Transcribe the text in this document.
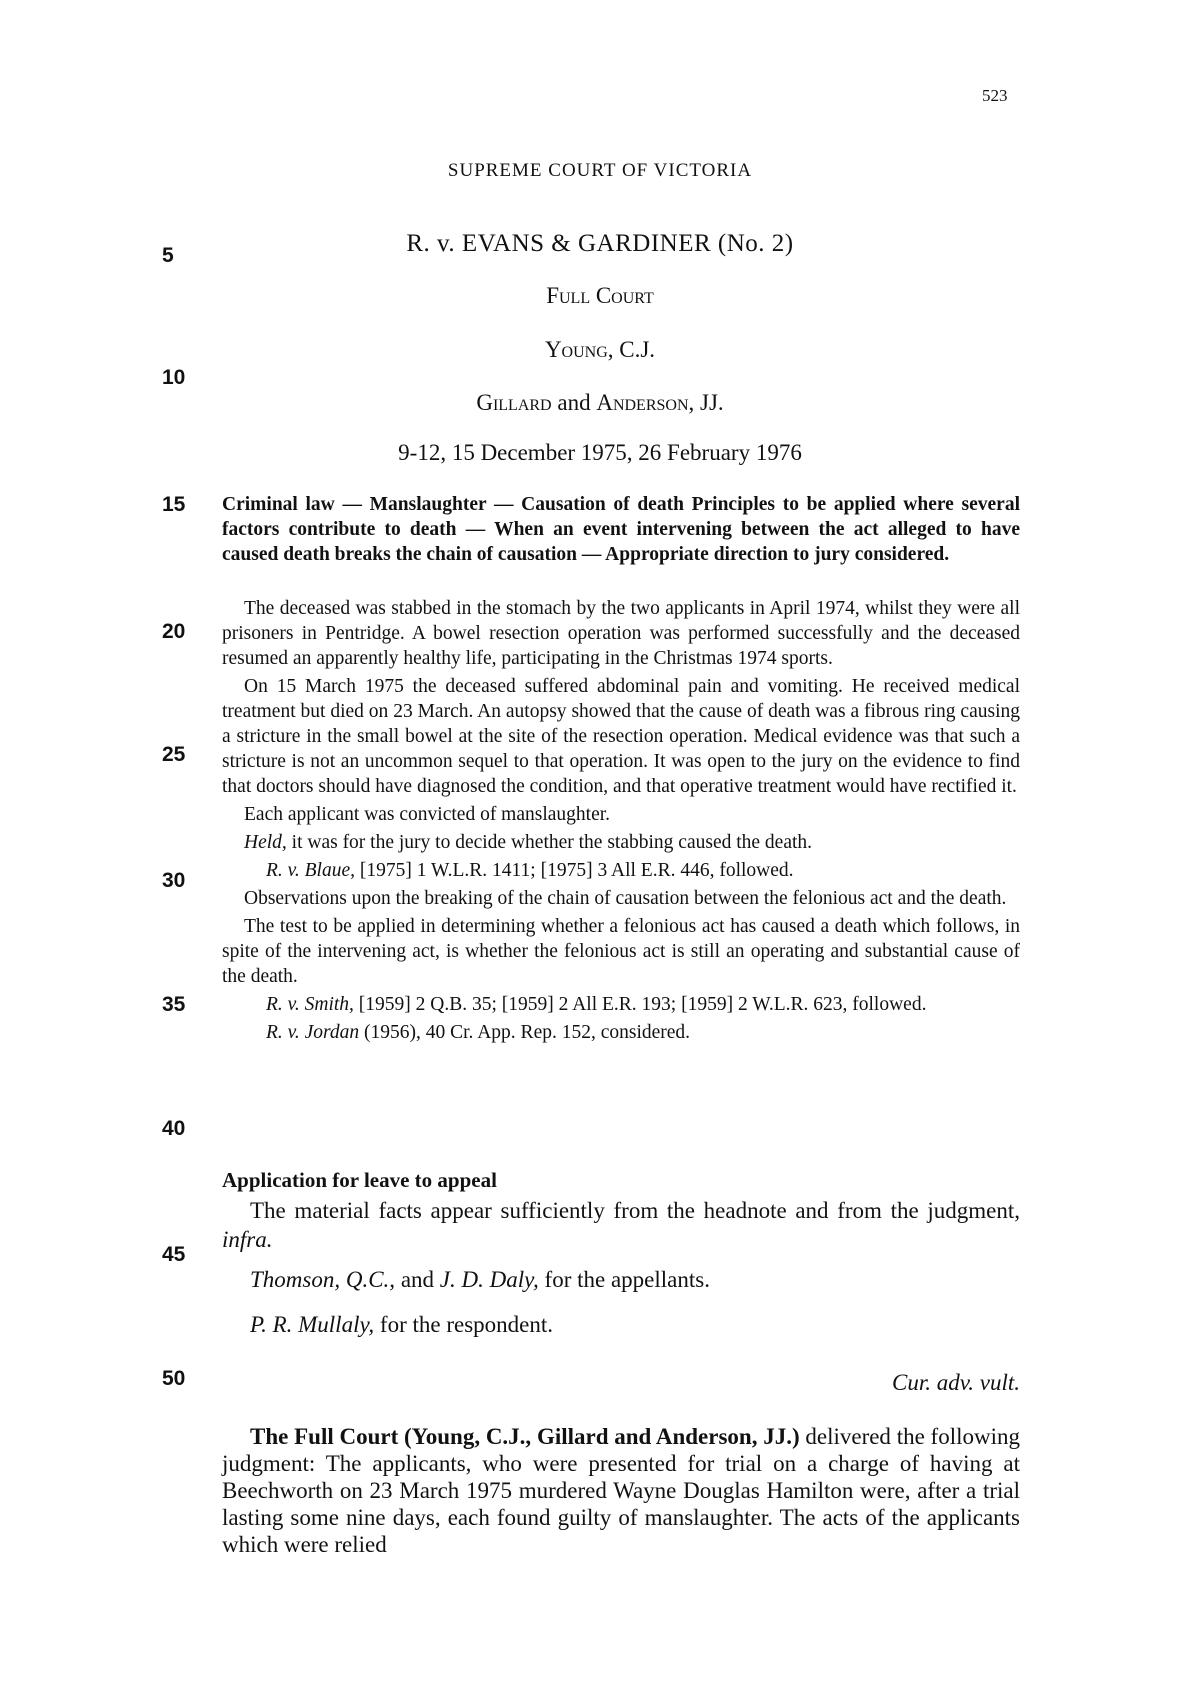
523
5
10
15
20
25
30
35
40
45
50
SUPREME COURT OF VICTORIA
R. v. EVANS & GARDINER (No. 2)
Full Court
Young, C.J.
Gillard and Anderson, JJ.
9-12, 15 December 1975, 26 February 1976
Criminal law — Manslaughter — Causation of death Principles to be applied where several factors contribute to death — When an event intervening between the act alleged to have caused death breaks the chain of causation — Appropriate direction to jury considered.

The deceased was stabbed in the stomach by the two applicants in April 1974, whilst they were all prisoners in Pentridge. A bowel resection operation was performed successfully and the deceased resumed an apparently healthy life, participating in the Christmas 1974 sports.

On 15 March 1975 the deceased suffered abdominal pain and vomiting. He received medical treatment but died on 23 March. An autopsy showed that the cause of death was a fibrous ring causing a stricture in the small bowel at the site of the resection operation. Medical evidence was that such a stricture is not an uncommon sequel to that operation. It was open to the jury on the evidence to find that doctors should have diagnosed the condition, and that operative treatment would have rectified it.

Each applicant was convicted of manslaughter.

Held, it was for the jury to decide whether the stabbing caused the death.

R. v. Blaue, [1975] 1 W.L.R. 1411; [1975] 3 All E.R. 446, followed.

Observations upon the breaking of the chain of causation between the felonious act and the death.

The test to be applied in determining whether a felonious act has caused a death which follows, in spite of the intervening act, is whether the felonious act is still an operating and substantial cause of the death.

R. v. Smith, [1959] 2 Q.B. 35; [1959] 2 All E.R. 193; [1959] 2 W.L.R. 623, followed.

R. v. Jordan (1956), 40 Cr. App. Rep. 152, considered.

Application for leave to appeal
The material facts appear sufficiently from the headnote and from the judgment, infra.
Thomson, Q.C., and J. D. Daly, for the appellants.
P. R. Mullaly, for the respondent.
Cur. adv. vult.
The Full Court (Young, C.J., Gillard and Anderson, JJ.) delivered the following judgment: The applicants, who were presented for trial on a charge of having at Beechworth on 23 March 1975 murdered Wayne Douglas Hamilton were, after a trial lasting some nine days, each found guilty of manslaughter. The acts of the applicants which were relied
